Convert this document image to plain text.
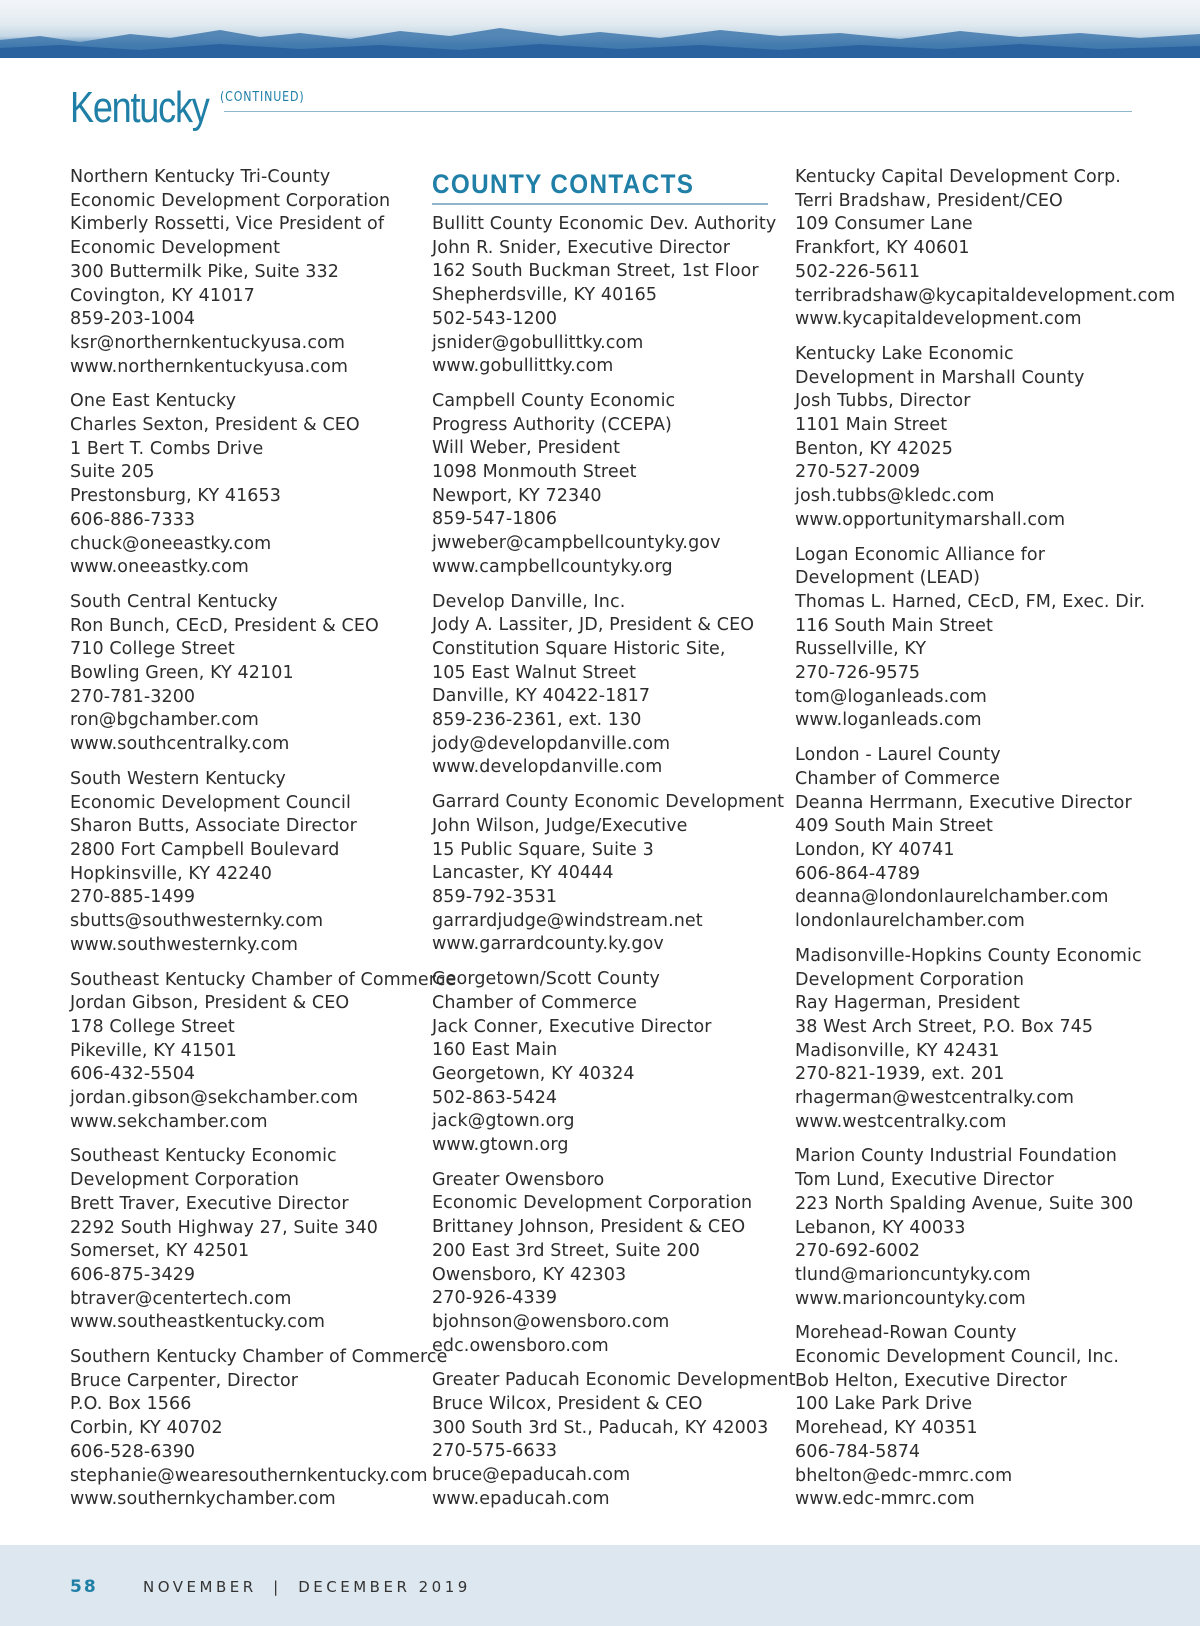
Kentucky (CONTINUED)
Northern Kentucky Tri-County
Economic Development Corporation
Kimberly Rossetti, Vice President of
Economic Development
300 Buttermilk Pike, Suite 332
Covington, KY 41017
859-203-1004
ksr@northernkentuckyusa.com
www.northernkentuckyusa.com
One East Kentucky
Charles Sexton, President & CEO
1 Bert T. Combs Drive
Suite 205
Prestonsburg, KY 41653
606-886-7333
chuck@oneeastky.com
www.oneeastky.com
South Central Kentucky
Ron Bunch, CEcD, President & CEO
710 College Street
Bowling Green, KY 42101
270-781-3200
ron@bgchamber.com
www.southcentralky.com
South Western Kentucky
Economic Development Council
Sharon Butts, Associate Director
2800 Fort Campbell Boulevard
Hopkinsville, KY 42240
270-885-1499
sbutts@southwesternky.com
www.southwesternky.com
Southeast Kentucky Chamber of Commerce
Jordan Gibson, President & CEO
178 College Street
Pikeville, KY 41501
606-432-5504
jordan.gibson@sekchamber.com
www.sekchamber.com
Southeast Kentucky Economic
Development Corporation
Brett Traver, Executive Director
2292 South Highway 27, Suite 340
Somerset, KY 42501
606-875-3429
btraver@centertech.com
www.southeastkentucky.com
Southern Kentucky Chamber of Commerce
Bruce Carpenter, Director
P.O. Box 1566
Corbin, KY 40702
606-528-6390
stephanie@wearesouthernkentucky.com
www.southernkychamber.com
COUNTY CONTACTS
Bullitt County Economic Dev. Authority
John R. Snider, Executive Director
162 South Buckman Street, 1st Floor
Shepherdsville, KY 40165
502-543-1200
jsnider@gobullittky.com
www.gobullittky.com
Campbell County Economic
Progress Authority (CCEPA)
Will Weber, President
1098 Monmouth Street
Newport, KY 72340
859-547-1806
jwweber@campbellcountyky.gov
www.campbellcountyky.org
Develop Danville, Inc.
Jody A. Lassiter, JD, President & CEO
Constitution Square Historic Site,
105 East Walnut Street
Danville, KY 40422-1817
859-236-2361, ext. 130
jody@developdanville.com
www.developdanville.com
Garrard County Economic Development
John Wilson, Judge/Executive
15 Public Square, Suite 3
Lancaster, KY 40444
859-792-3531
garrardjudge@windstream.net
www.garrardcounty.ky.gov
Georgetown/Scott County
Chamber of Commerce
Jack Conner, Executive Director
160 East Main
Georgetown, KY 40324
502-863-5424
jack@gtown.org
www.gtown.org
Greater Owensboro
Economic Development Corporation
Brittaney Johnson, President & CEO
200 East 3rd Street, Suite 200
Owensboro, KY 42303
270-926-4339
bjohnson@owensboro.com
edc.owensboro.com
Greater Paducah Economic Development
Bruce Wilcox, President & CEO
300 South 3rd St., Paducah, KY 42003
270-575-6633
bruce@epaducah.com
www.epaducah.com
Kentucky Capital Development Corp.
Terri Bradshaw, President/CEO
109 Consumer Lane
Frankfort, KY 40601
502-226-5611
terribradshaw@kycapitaldevelopment.com
www.kycapitaldevelopment.com
Kentucky Lake Economic
Development in Marshall County
Josh Tubbs, Director
1101 Main Street
Benton, KY 42025
270-527-2009
josh.tubbs@kledc.com
www.opportunitymarshall.com
Logan Economic Alliance for
Development (LEAD)
Thomas L. Harned, CEcD, FM, Exec. Dir.
116 South Main Street
Russellville, KY
270-726-9575
tom@loganleads.com
www.loganleads.com
London - Laurel County
Chamber of Commerce
Deanna Herrmann, Executive Director
409 South Main Street
London, KY 40741
606-864-4789
deanna@londonlaurelchamber.com
londonlaurelchamber.com
Madisonville-Hopkins County Economic
Development Corporation
Ray Hagerman, President
38 West Arch Street, P.O. Box 745
Madisonville, KY 42431
270-821-1939, ext. 201
rhagerman@westcentralky.com
www.westcentralky.com
Marion County Industrial Foundation
Tom Lund, Executive Director
223 North Spalding Avenue, Suite 300
Lebanon, KY 40033
270-692-6002
tlund@marioncuntyky.com
www.marioncountyky.com
Morehead-Rowan County
Economic Development Council, Inc.
Bob Helton, Executive Director
100 Lake Park Drive
Morehead, KY 40351
606-784-5874
bhelton@edc-mmrc.com
www.edc-mmrc.com
58	NOVEMBER  |  DECEMBER 2019
